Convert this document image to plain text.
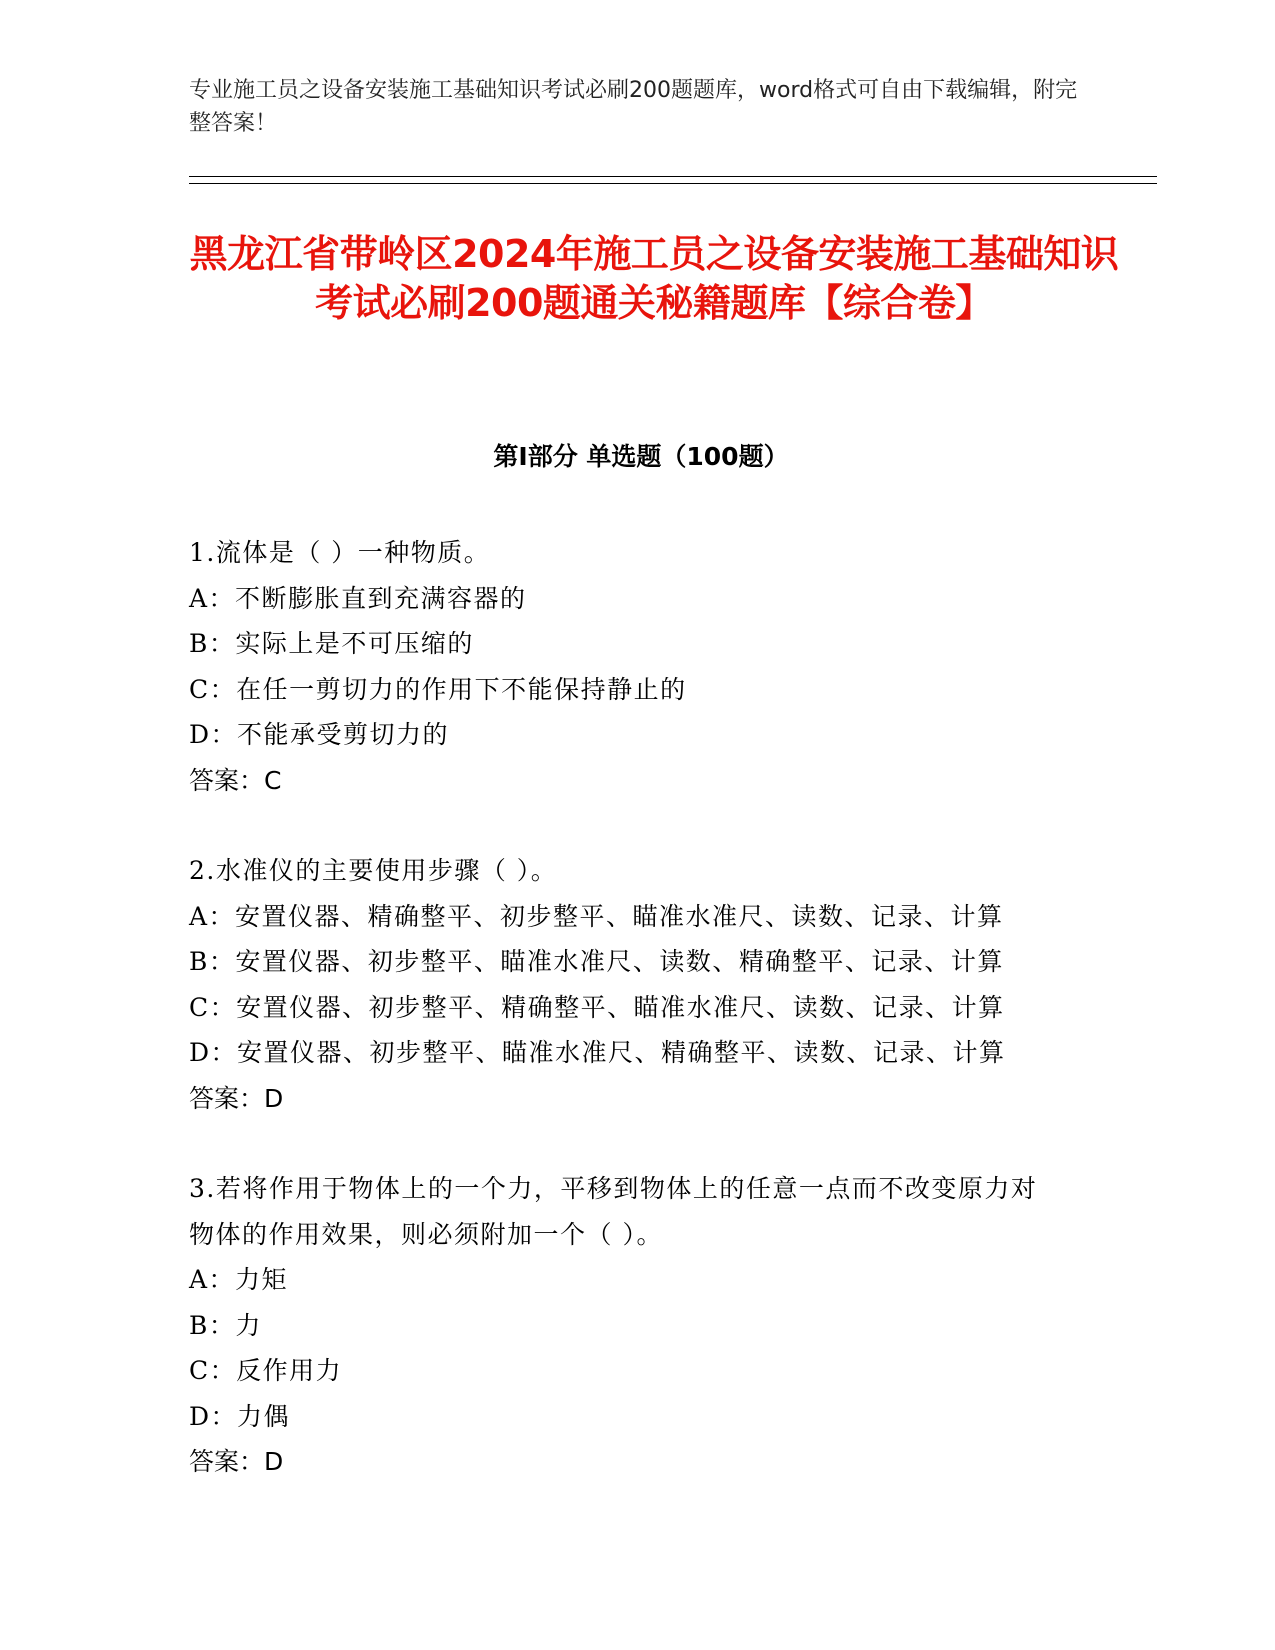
专业施工员之设备安装施工基础知识考试必刷200题题库，word格式可自由下载编辑，附完整答案！
黑龙江省带岭区2024年施工员之设备安装施工基础知识考试必刷200题通关秘籍题库【综合卷】
第Ⅰ部分 单选题（100题）
1.流体是（ ）一种物质。
A：不断膨胀直到充满容器的
B：实际上是不可压缩的
C：在任一剪切力的作用下不能保持静止的
D：不能承受剪切力的
答案：C
2.水准仪的主要使用步骤（ ）。
A：安置仪器、精确整平、初步整平、瞄准水准尺、读数、记录、计算
B：安置仪器、初步整平、瞄准水准尺、读数、精确整平、记录、计算
C：安置仪器、初步整平、精确整平、瞄准水准尺、读数、记录、计算
D：安置仪器、初步整平、瞄准水准尺、精确整平、读数、记录、计算
答案：D
3.若将作用于物体上的一个力，平移到物体上的任意一点而不改变原力对物体的作用效果，则必须附加一个（ ）。
A：力矩
B：力
C：反作用力
D：力偶
答案：D
